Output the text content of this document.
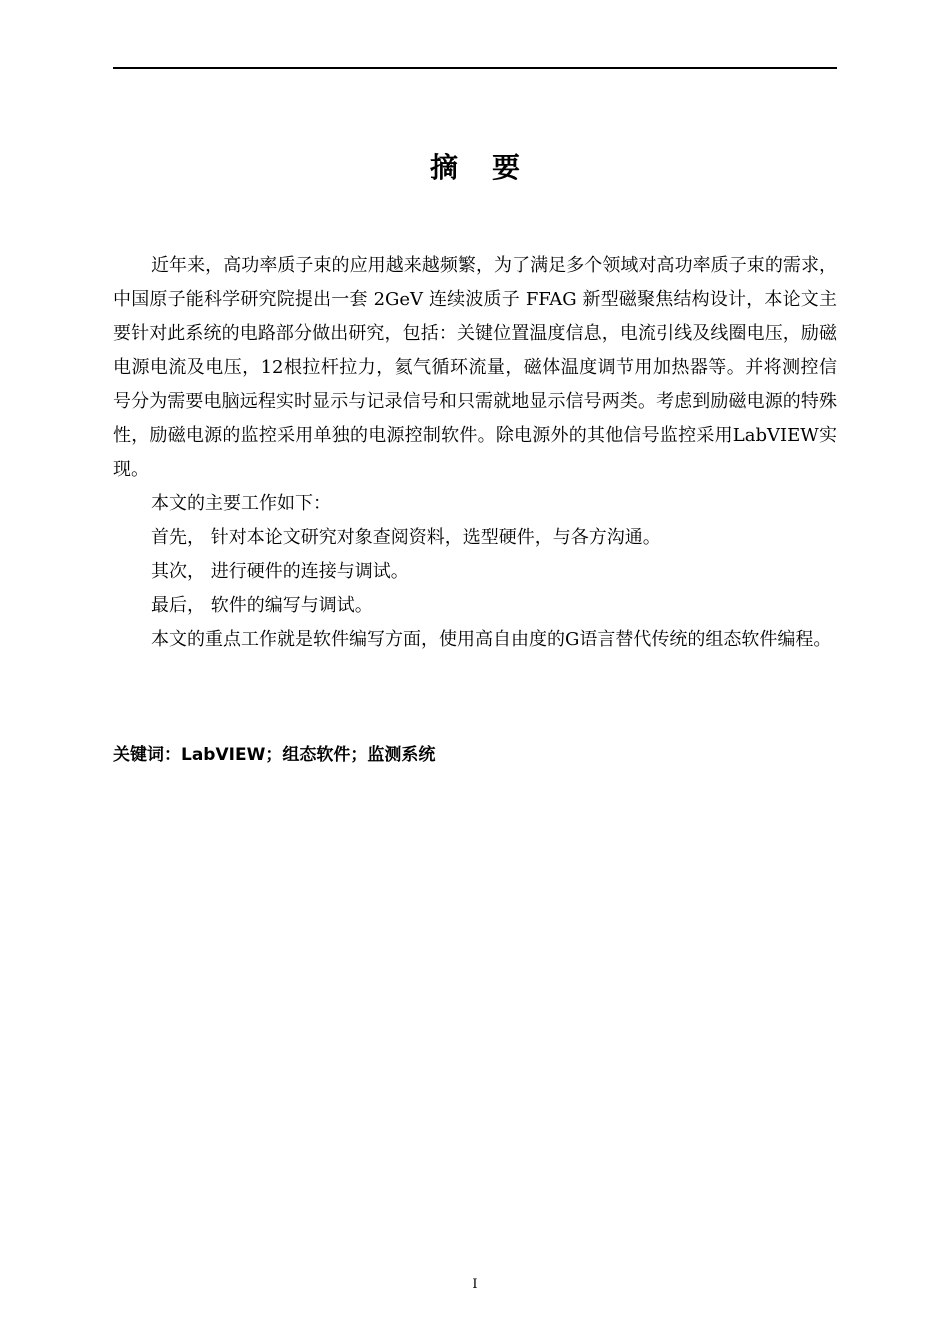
摘要

近年来，高功率质子束的应用越来越频繁，为了满足多个领域对高功率质子束的需求，中国原子能科学研究院提出一套 2GeV 连续波质子 FFAG 新型磁聚焦结构设计，本论文主要针对此系统的电路部分做出研究，包括：关键位置温度信息，电流引线及线圈电压，励磁电源电流及电压，12根拉杆拉力，氦气循环流量，磁体温度调节用加热器等。并将测控信号分为需要电脑远程实时显示与记录信号和只需就地显示信号两类。考虑到励磁电源的特殊性，励磁电源的监控采用单独的电源控制软件。除电源外的其他信号监控采用LabVIEW实现。

本文的主要工作如下：

首先， 针对本论文研究对象查阅资料，选型硬件，与各方沟通。

其次， 进行硬件的连接与调试。

最后， 软件的编写与调试。

本文的重点工作就是软件编写方面，使用高自由度的G语言替代传统的组态软件编程。

关键词：LabVIEW；组态软件；监测系统
I
